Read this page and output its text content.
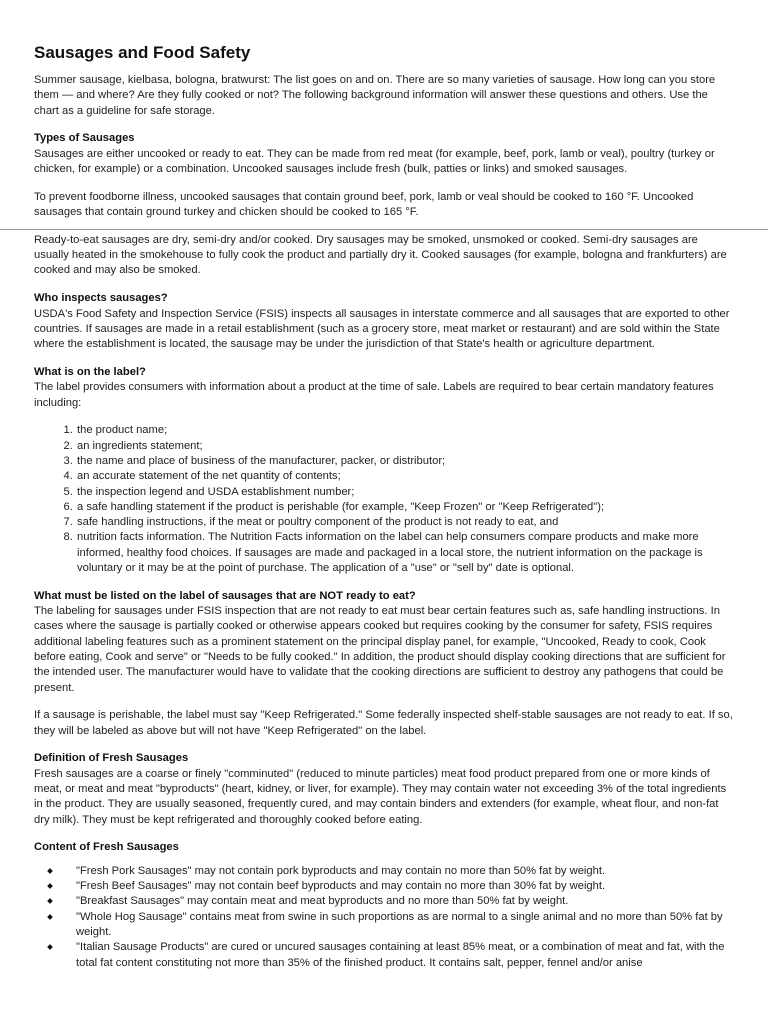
Sausages and Food Safety

Summer sausage, kielbasa, bologna, bratwurst: The list goes on and on. There are so many varieties of sausage. How long can you store them — and where? Are they fully cooked or not? The following background information will answer these questions and others. Use the chart as a guideline for safe storage.

Types of Sausages

Sausages are either uncooked or ready to eat. They can be made from red meat (for example, beef, pork, lamb or veal), poultry (turkey or chicken, for example) or a combination. Uncooked sausages include fresh (bulk, patties or links) and smoked sausages.

To prevent foodborne illness, uncooked sausages that contain ground beef, pork, lamb or veal should be cooked to 160 °F. Uncooked sausages that contain ground turkey and chicken should be cooked to 165 °F.

Ready-to-eat sausages are dry, semi-dry and/or cooked. Dry sausages may be smoked, unsmoked or cooked. Semi-dry sausages are usually heated in the smokehouse to fully cook the product and partially dry it. Cooked sausages (for example, bologna and frankfurters) are cooked and may also be smoked.

Who inspects sausages?

USDA's Food Safety and Inspection Service (FSIS) inspects all sausages in interstate commerce and all sausages that are exported to other countries. If sausages are made in a retail establishment (such as a grocery store, meat market or restaurant) and are sold within the State where the establishment is located, the sausage may be under the jurisdiction of that State's health or agriculture department.

What is on the label?

The label provides consumers with information about a product at the time of sale. Labels are required to bear certain mandatory features including:

1. the product name;
2. an ingredients statement;
3. the name and place of business of the manufacturer, packer, or distributor;
4. an accurate statement of the net quantity of contents;
5. the inspection legend and USDA establishment number;
6. a safe handling statement if the product is perishable (for example, "Keep Frozen" or "Keep Refrigerated");
7. safe handling instructions, if the meat or poultry component of the product is not ready to eat, and
8. nutrition facts information. The Nutrition Facts information on the label can help consumers compare products and make more informed, healthy food choices. If sausages are made and packaged in a local store, the nutrient information on the package is voluntary or it may be at the point of purchase. The application of a "use" or "sell by" date is optional.
What must be listed on the label of sausages that are NOT ready to eat?

The labeling for sausages under FSIS inspection that are not ready to eat must bear certain features such as, safe handling instructions. In cases where the sausage is partially cooked or otherwise appears cooked but requires cooking by the consumer for safety, FSIS requires additional labeling features such as a prominent statement on the principal display panel, for example, "Uncooked, Ready to cook, Cook before eating, Cook and serve" or "Needs to be fully cooked." In addition, the product should display cooking directions that are sufficient for the intended user. The manufacturer would have to validate that the cooking directions are sufficient to destroy any pathogens that could be present.

If a sausage is perishable, the label must say "Keep Refrigerated." Some federally inspected shelf-stable sausages are not ready to eat. If so, they will be labeled as above but will not have "Keep Refrigerated" on the label.

Definition of Fresh Sausages

Fresh sausages are a coarse or finely "comminuted" (reduced to minute particles) meat food product prepared from one or more kinds of meat, or meat and meat "byproducts" (heart, kidney, or liver, for example). They may contain water not exceeding 3% of the total ingredients in the product. They are usually seasoned, frequently cured, and may contain binders and extenders (for example, wheat flour, and non-fat dry milk). They must be kept refrigerated and thoroughly cooked before eating.

Content of Fresh Sausages
"Fresh Pork Sausages" may not contain pork byproducts and may contain no more than 50% fat by weight.
"Fresh Beef Sausages" may not contain beef byproducts and may contain no more than 30% fat by weight.
"Breakfast Sausages" may contain meat and meat byproducts and no more than 50% fat by weight.
"Whole Hog Sausage" contains meat from swine in such proportions as are normal to a single animal and no more than 50% fat by weight.
"Italian Sausage Products" are cured or uncured sausages containing at least 85% meat, or a combination of meat and fat, with the total fat content constituting not more than 35% of the finished product. It contains salt, pepper, fennel and/or anise
